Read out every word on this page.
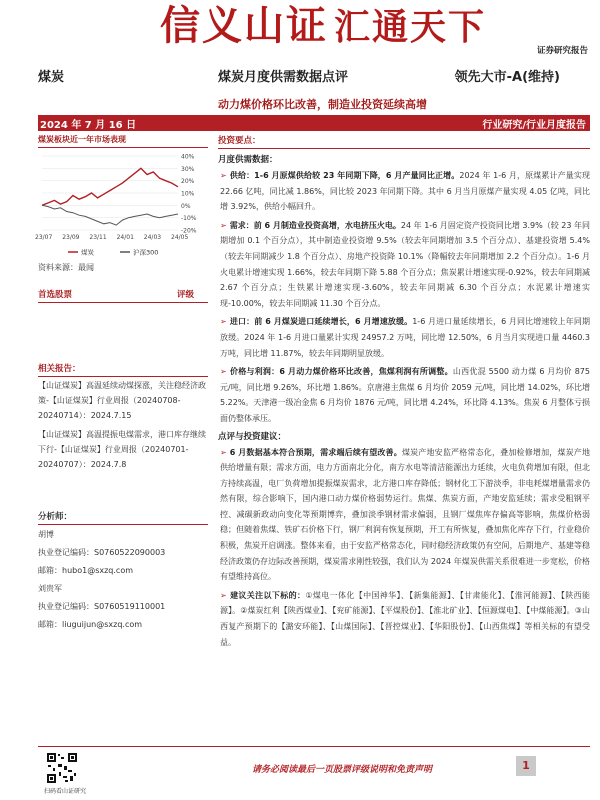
信义山证 汇通天下
证券研究报告
煤炭	煤炭月度供需数据点评	领先大市-A(维持)
动力煤价格环比改善，制造业投资延续高增
2024 年 7 月 16 日	行业研究/行业月度报告
煤炭板块近一年市场表现
40%
30%
20%
10%
0%
-10%
-20%
23/07 23/09 23/11 24/01 24/03 24/05
煤炭	沪深300
资料来源：最闻
首选股票	评级
相关报告：

【山证煤炭】高温延续动煤探涨，关注稳经济政策-【山证煤炭】行业周报（20240708-20240714）：2024.7.15

【山证煤炭】高温提振电煤需求，港口库存继续下行-【山证煤炭】行业周报（20240701-20240707）：2024.7.8

分析师：
胡博
执业登记编码：S0760522090003
邮箱：hubo1@sxzq.com
刘贵军
执业登记编码：S0760519110001
邮箱：liuguijun@sxzq.com
投资要点：
月度供需数据：
➢ 供给：1-6 月原煤供给较 23 年同期下降，6 月产量同比正增。2024 年 1-6 月，原煤累计产量实现 22.66 亿吨，同比减 1.86%，同比较 2023 年同期下降。其中 6 月当月原煤产量实现 4.05 亿吨，同比增 3.92%，供给小幅回升。
➢ 需求：前 6 月制造业投资高增，水电挤压火电。24 年 1-6 月固定资产投资同比增 3.9%（较 23 年同期增加 0.1 个百分点），其中制造业投资增 9.5%（较去年同期增加 3.5 个百分点）、基建投资增 5.4%（较去年同期减少 1.8 个百分点）、房地产投资降 10.1%（降幅较去年同期增加 2.2 个百分点）。1-6 月火电累计增速实现 1.66%，较去年同期下降 5.88 个百分点；焦炭累计增速实现-0.92%，较去年同期减 2.67 个百分点；生铁累计增速实现-3.60%，较去年同期减 6.30 个百分点；水泥累计增速实现-10.00%，较去年同期减 11.30 个百分点。
➢ 进口：前 6 月煤炭进口延续增长，6 月增速放缓。1-6 月进口量延续增长，6 月同比增速较上年同期放缓。2024 年 1-6 月进口量累计实现 24957.2 万吨，同比增 12.50%，6 月当月实现进口量 4460.3 万吨，同比增 11.87%，较去年同期明显放缓。
➢ 价格与利润：6 月动力煤价格环比改善，焦煤利润有所调整。山西优混 5500 动力煤 6 月均价 875 元/吨，同比增 9.26%，环比增 1.86%。京唐港主焦煤 6 月均价 2059 元/吨，同比增 14.02%，环比增 5.22%。天津港一级冶金焦 6 月均价 1876 元/吨，同比增 4.24%，环比降 4.13%。焦炭 6 月整体亏损面仍整体承压。
点评与投资建议：
➢ 6 月数据基本符合预期，需求端后续有望改善。煤炭产地安监严格常态化，叠加检修增加，煤炭产地供给增量有限；需求方面，电力方面南北分化，南方水电等清洁能源出力延续，火电负荷增加有限，但北方持续高温，电厂负荷增加提振煤炭需求，北方港口库存降低；钢材化工下游淡季，非电耗煤增量需求仍然有限，综合影响下，国内港口动力煤价格弱势运行。焦煤、焦炭方面，产地安监延续；需求受粗钢平控、减碳新政动向变化等预期博弈，叠加淡季钢材需求偏弱，且钢厂煤焦库存偏高等影响，焦煤价格弱稳；但随着焦煤、铁矿石价格下行，钢厂利润有恢复预期，开工有所恢复，叠加焦化库存下行，行业稳价积极，焦炭开启调涨。整体来看，由于安监严格常态化，同时稳经济政策仍有空间，后期地产、基建等稳经济政策仍存边际改善预期，煤炭需求刚性较强，我们认为 2024 年煤炭供需关系很难进一步宽松，价格有望维持高位。
➢ 建议关注以下标的：①煤电一体化【中国神华】、【新集能源】、【甘肃能化】、【淮河能源】、【陕西能源】。②煤炭红利【陕西煤业】、【兖矿能源】、【平煤股份】、【淮北矿业】、【恒源煤电】、【中煤能源】。③山西复产预期下的【潞安环能】、【山煤国际】、【晋控煤业】、【华阳股份】、【山西焦煤】等相关标的有望受益。
扫码看山证研究
请务必阅读最后一页股票评级说明和免责声明	1
